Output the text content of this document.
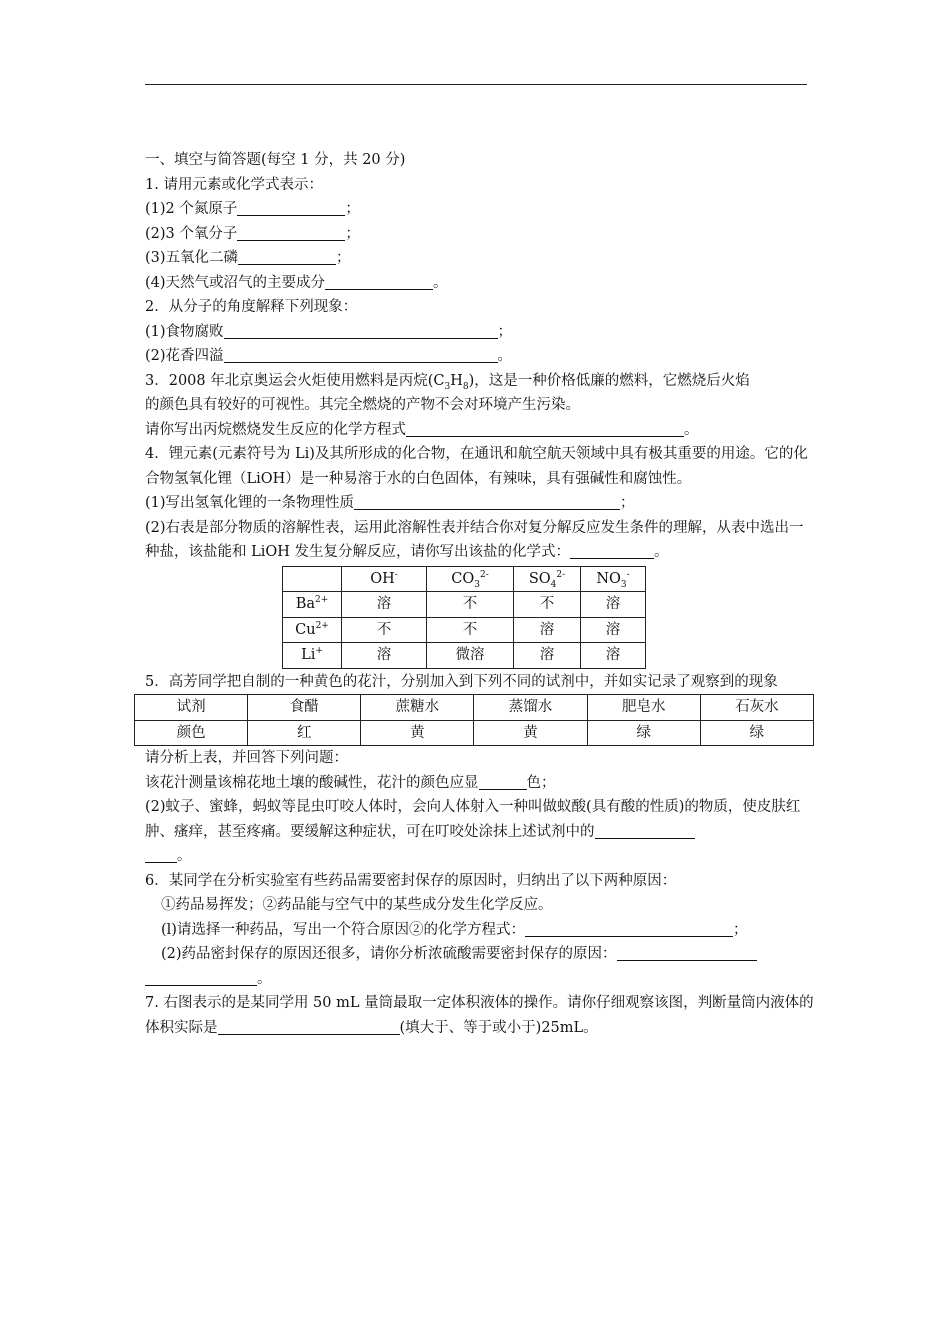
一、填空与简答题(每空 1 分，共 20 分)
1. 请用元素或化学式表示：
(1)2 个氮原子	；
(2)3 个氧分子	；
(3)五氧化二磷	；
(4)天然气或沼气的主要成分	。
2．从分子的角度解释下列现象：
(1)食物腐败	；
(2)花香四溢	。
3．2008 年北京奥运会火炬使用燃料是丙烷$(C_3H_8)$，这是一种价格低廉的燃料，它燃烧后火焰
的颜色具有较好的可视性。其完全燃烧的产物不会对环境产生污染。
请你写出丙烷燃烧发生反应的化学方程式	。
4．锂元素(元素符号为 Li)及其所形成的化合物，在通讯和航空航天领域中具有极其重要的用途。它的化合物氢氧化锂（LiOH）是一种易溶于水的白色固体，有辣味，具有强碱性和腐蚀性。
(1)写出氢氧化锂的一条物理性质	；
(2)右表是部分物质的溶解性表，运用此溶解性表并结合你对复分解反应发生条件的理解，从表中选出一种盐，该盐能和 LiOH 发生复分解反应，请你写出该盐的化学式：	。
	OH-	$CO_3^{2-}$	$SO_4^{2-}$	$NO_3^-$
$Ba^{2+}$	溶	不	不	溶
$Cu^{2+}$	不	不	溶	溶
Li+	溶	微溶	溶	溶
5．高芳同学把自制的一种黄色的花汁，分别加入到下列不同的试剂中，并如实记录了观察到的现象
试剂	食醋	蔗糖水	蒸馏水	肥皂水	石灰水
颜色	红	黄	黄	绿	绿
请分析上表，并回答下列问题：
该花汁测量该棉花地土壤的酸碱性，花汁的颜色应显	色；
(2)蚊子、蜜蜂，蚂蚁等昆虫叮咬人体时，会向人体射入一种叫做蚁酸(具有酸的性质)的物质，使皮肤红肿、瘙痒，甚至疼痛。要缓解这种症状，可在叮咬处涂抹上述试剂中的
。
6．某同学在分析实验室有些药品需要密封保存的原因时，归纳出了以下两种原因：
①药品易挥发；②药品能与空气中的某些成分发生化学反应。
(l)请选择一种药品，写出一个符合原因②的化学方程式：	；
(2)药品密封保存的原因还很多，请你分析浓硫酸需要密封保存的原因：
。
7. 右图表示的是某同学用 50 mL 量筒最取一定体积液体的操作。请你仔细观察该图，判断量筒内液体的体积实际是	(填大于、等于或小于)25mL。
